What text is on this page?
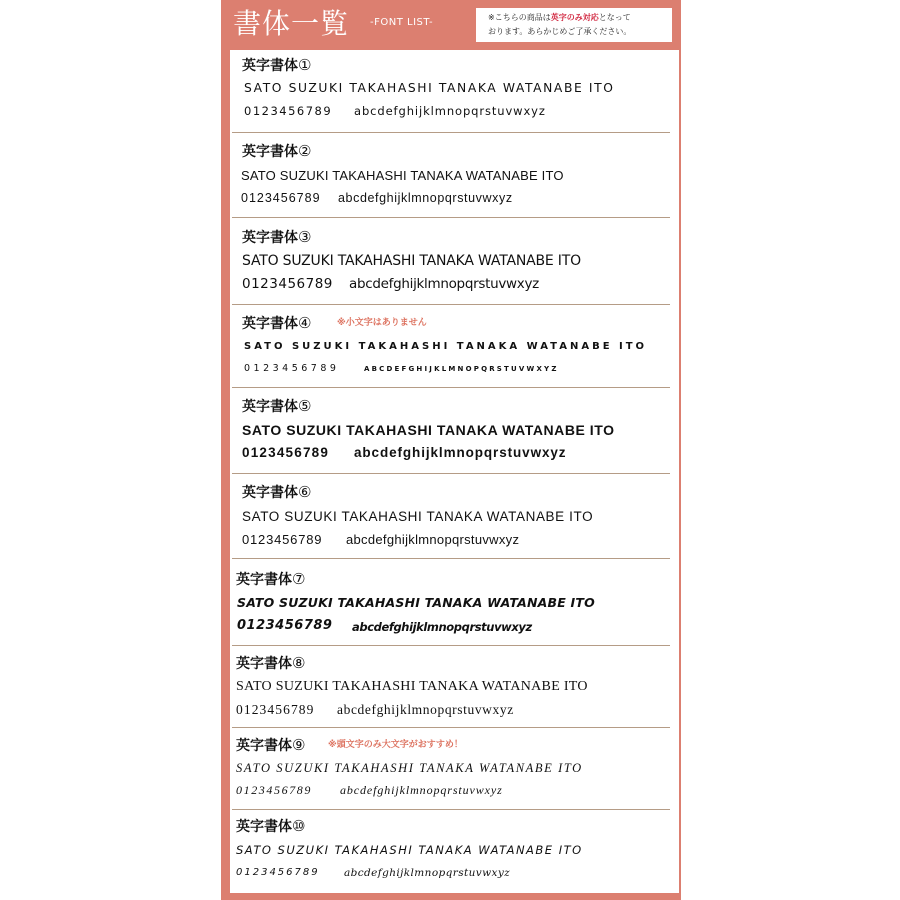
書体一覧 -FONT LIST-	※こちらの商品は英字のみ対応となって
おります。あらかじめご了承ください。
英字書体①
SATO SUZUKI TAKAHASHI TANAKA WATANABE ITO
0123456789 abcdefghijklmnopqrstuvwxyz
英字書体②
SATO SUZUKI TAKAHASHI TANAKA WATANABE ITO
0123456789 abcdefghijklmnopqrstuvwxyz
英字書体③
SATO SUZUKI TAKAHASHI TANAKA WATANABE ITO
0123456789 abcdefghijklmnopqrstuvwxyz
英字書体④	※小文字はありません
SATO SUZUKI TAKAHASHI TANAKA WATANABE ITO
0123456789	ABCDEFGHIJKLMNOPQRSTUVWXYZ
英字書体⑤
SATO SUZUKI TAKAHASHI TANAKA WATANABE ITO
0123456789 abcdefghijklmnopqrstuvwxyz
英字書体⑥
SATO SUZUKI TAKAHASHI TANAKA WATANABE ITO
0123456789 abcdefghijklmnopqrstuvwxyz
英字書体⑦
SATO SUZUKI TAKAHASHI TANAKA WATANABE ITO
0123456789 abcdefghijklmnopqrstuvwxyz
英字書体⑧
SATO SUZUKI TAKAHASHI TANAKA WATANABE ITO
0123456789 abcdefghijklmnopqrstuvwxyz
英字書体⑨	※頭文字のみ大文字がおすすめ！
SATO SUZUKI TAKAHASHI TANAKA WATANABE ITO
0123456789 abcdefghijklmnopqrstuvwxyz
英字書体⑩
SATO SUZUKI TAKAHASHI TANAKA WATANABE ITO
0123456789 abcdefghijklmnopqrstuvwxyz
